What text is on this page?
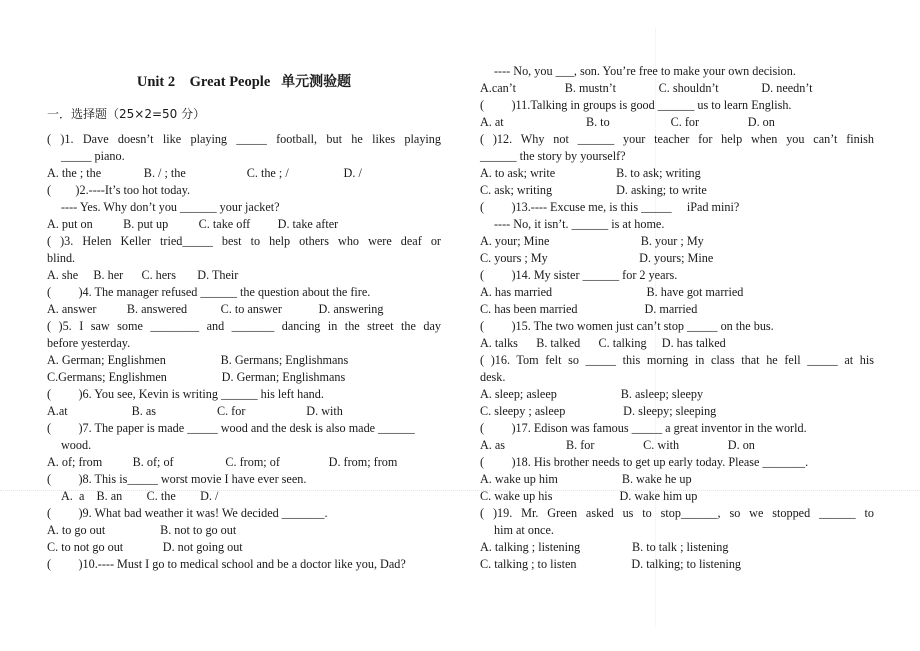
Unit 2    Great People 单元测验题
一．选择题（25×2=50 分）
( )1. Dave doesn’t like playing _____ football, but he likes playing
_____ piano.
A. the ; the              B. / ; the                    C. the ; /                  D. /
(        )2.----It’s too hot today.
---- Yes. Why don’t you ______ your jacket?
A. put on          B. put up          C. take off         D. take after
( )3. Helen Keller tried_____ best to help others who were deaf or
blind.
A. she     B. her      C. hers       D. Their
(         )4. The manager refused ______ the question about the fire.
A. answer          B. answered           C. to answer            D. answering
( )5. I saw some ________ and _______ dancing in the street the day
before yesterday.
A. German; Englishmen                  B. Germans; Englishmans
C.Germans; Englishmen                  D. German; Englishmans
(         )6. You see, Kevin is writing ______ his left hand.
A.at                     B. as                    C. for                    D. with
(         )7. The paper is made _____ wood and the desk is also made ______
wood.
A. of; from          B. of; of                 C. from; of                D. from; from
(         )8. This is_____ worst movie I have ever seen.
A.  a    B. an        C. the        D. /
(         )9. What bad weather it was! We decided _______.
A. to go out                  B. not to go out
C. to not go out             D. not going out
(         )10.---- Must I go to medical school and be a doctor like you, Dad?
---- No, you ___, son. You’re free to make your own decision.
A.can’t                B. mustn’t              C. shouldn’t              D. needn’t
(         )11.Talking in groups is good ______ us to learn English.
A. at                           B. to                    C. for                D. on
( )12. Why not ______ your teacher for help when you can’t finish
______ the story by yourself?
A. to ask; write                    B. to ask; writing
C. ask; writing                     D. asking; to write
(         )13.---- Excuse me, is this _____     iPad mini?
---- No, it isn’t. ______ is at home.
A. your; Mine                              B. your ; My
C. yours ; My                              D. yours; Mine
(         )14. My sister ______ for 2 years.
A. has married                               B. have got married
C. has been married                      D. married
(         )15. The two women just can’t stop _____ on the bus.
A. talks      B. talked      C. talking     D. has talked
( )16. Tom felt so _____ this morning in class that he fell _____ at his
desk.
A. sleep; asleep                     B. asleep; sleepy
C. sleepy ; asleep                   D. sleepy; sleeping
(         )17. Edison was famous _____ a great inventor in the world.
A. as                    B. for                C. with                D. on
(         )18. His brother needs to get up early today. Please _______.
A. wake up him                     B. wake he up
C. wake up his                      D. wake him up
( )19. Mr. Green asked us to stop______, so we stopped ______ to
him at once.
A. talking ; listening                 B. to talk ; listening
C. talking ; to listen                  D. talking; to listening
